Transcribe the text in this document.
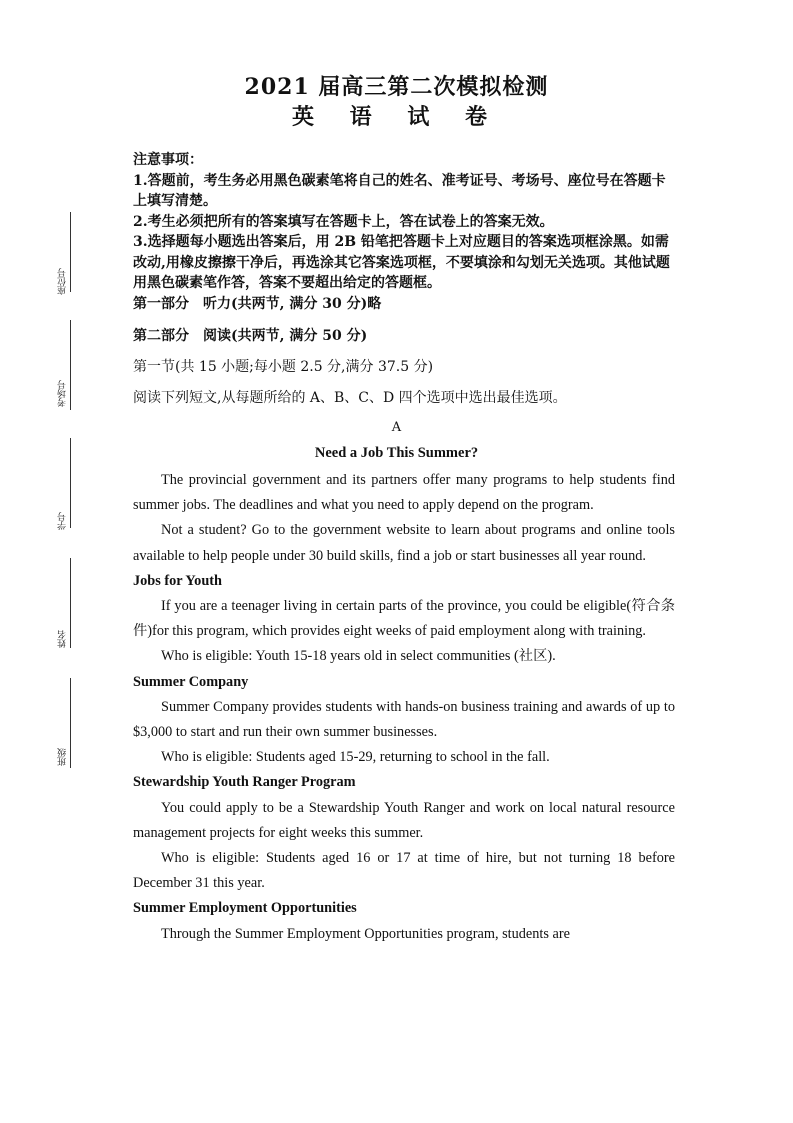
座位号
考场号
学号
姓名
班级
2021 届高三第二次模拟检测
英 语 试 卷

注意事项：

1.答题前，考生务必用黑色碳素笔将自己的姓名、准考证号、考场号、座位号在答题卡上填写清楚。

2.考生必须把所有的答案填写在答题卡上，答在试卷上的答案无效。

3.选择题每小题选出答案后，用 2B 铅笔把答题卡上对应题目的答案选项框涂黑。如需改动,用橡皮擦擦干净后，再选涂其它答案选项框，不要填涂和勾划无关选项。其他试题用黑色碳素笔作答，答案不要超出给定的答题框。

第一部分　听力(共两节, 满分 30 分)略

第二部分　阅读(共两节, 满分 50 分)
第一节(共 15 小题;每小题 2.5 分,满分 37.5 分)
阅读下列短文,从每题所给的 A、B、C、D 四个选项中选出最佳选项。
A
Need a Job This Summer?

The provincial government and its partners offer many programs to help students find summer jobs. The deadlines and what you need to apply depend on the program.

Not a student? Go to the government website to learn about programs and online tools available to help people under 30 build skills, find a job or start businesses all year round.

Jobs for Youth

If you are a teenager living in certain parts of the province, you could be eligible(符合条件)for this program, which provides eight weeks of paid employment along with training.

Who is eligible: Youth 15-18 years old in select communities (社区).

Summer Company

Summer Company provides students with hands-on business training and awards of up to $3,000 to start and run their own summer businesses.

Who is eligible: Students aged 15-29, returning to school in the fall.

Stewardship Youth Ranger Program

You could apply to be a Stewardship Youth Ranger and work on local natural resource management projects for eight weeks this summer.

Who is eligible: Students aged 16 or 17 at time of hire, but not turning 18 before December 31 this year.

Summer Employment Opportunities

Through the Summer Employment Opportunities program, students are
